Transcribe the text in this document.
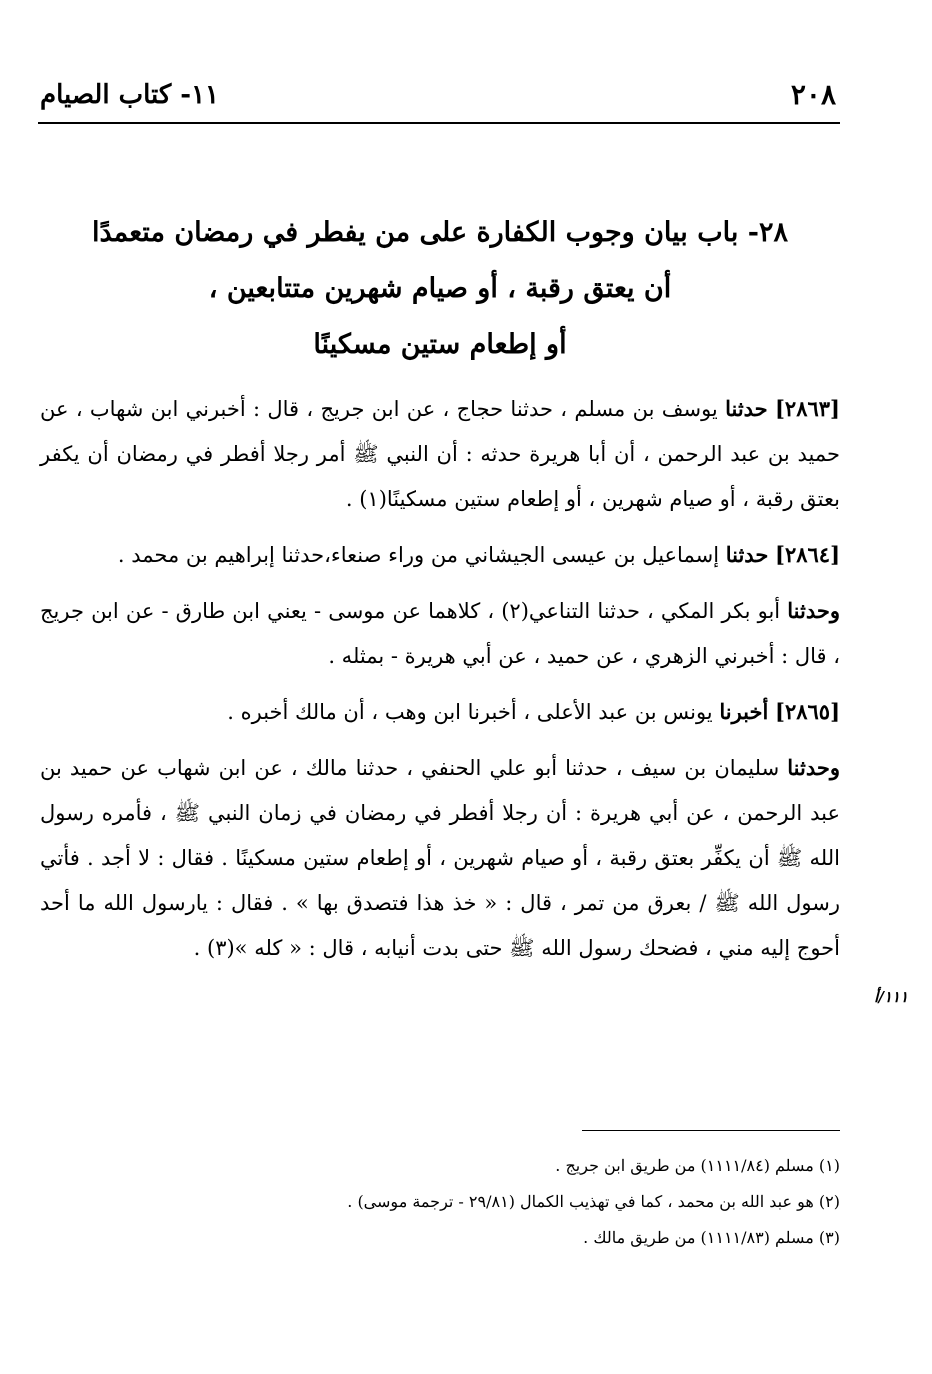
٢٠٨
١١- كتاب الصيام
٢٨- باب بيان وجوب الكفارة على من يفطر في رمضان متعمدًا
أن يعتق رقبة ، أو صيام شهرين متتابعين ،
أو إطعام ستين مسكينًا

[٢٨٦٣] حدثنا يوسف بن مسلم ، حدثنا حجاج ، عن ابن جريج ، قال : أخبرني ابن شهاب ، عن حميد بن عبد الرحمن ، أن أبا هريرة حدثه : أن النبي ﷺ أمر رجلا أفطر في رمضان أن يكفر بعتق رقبة ، أو صيام شهرين ، أو إطعام ستين مسكينًا(١) .

[٢٨٦٤] حدثنا إسماعيل بن عيسى الجيشاني من وراء صنعاء،حدثنا إبراهيم بن محمد .

وحدثنا أبو بكر المكي ، حدثنا التناعي(٢) ، كلاهما عن موسى - يعني ابن طارق - عن ابن جريج ، قال : أخبرني الزهري ، عن حميد ، عن أبي هريرة - بمثله .

[٢٨٦٥] أخبرنا يونس بن عبد الأعلى ، أخبرنا ابن وهب ، أن مالك أخبره .

وحدثنا سليمان بن سيف ، حدثنا أبو علي الحنفي ، حدثنا مالك ، عن ابن شهاب عن حميد بن عبد الرحمن ، عن أبي هريرة : أن رجلا أفطر في رمضان في زمان النبي ﷺ ، فأمره رسول الله ﷺ أن يكفِّر بعتق رقبة ، أو صيام شهرين ، أو إطعام ستين مسكينًا . فقال : لا أجد . فأتي رسول الله ﷺ / بعرق من تمر ، قال : « خذ هذا فتصدق بها » . فقال : يارسول الله ما أحد أحوج إليه مني ، فضحك رسول الله ﷺ حتى بدت أنيابه ، قال : « كله »(٣) .

١١١/أ

(١) مسلم (١١١١/٨٤) من طريق ابن جريج .

(٢) هو عبد الله بن محمد ، كما في تهذيب الكمال (٢٩/٨١ - ترجمة موسى) .

(٣) مسلم (١١١١/٨٣) من طريق مالك .
